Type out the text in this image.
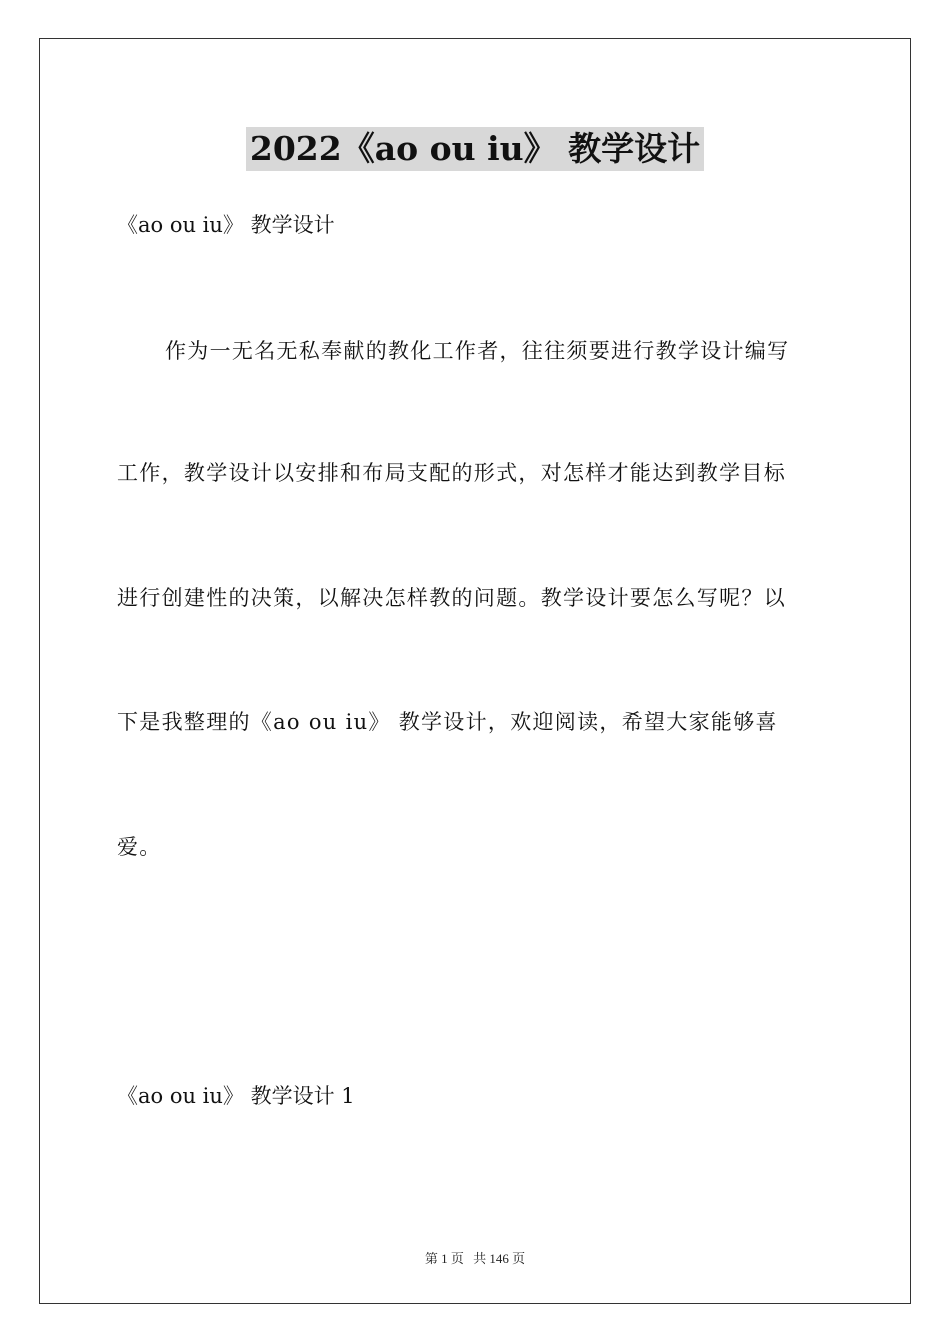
2022《ao ou iu》 教学设计
《ao ou iu》 教学设计
作为一无名无私奉献的教化工作者，往往须要进行教学设计编写
工作，教学设计以安排和布局支配的形式，对怎样才能达到教学目标
进行创建性的决策，以解决怎样教的问题。教学设计要怎么写呢？以
下是我整理的《ao ou iu》 教学设计，欢迎阅读，希望大家能够喜
爱。
《ao ou iu》 教学设计 1
第 1 页 共 146 页
